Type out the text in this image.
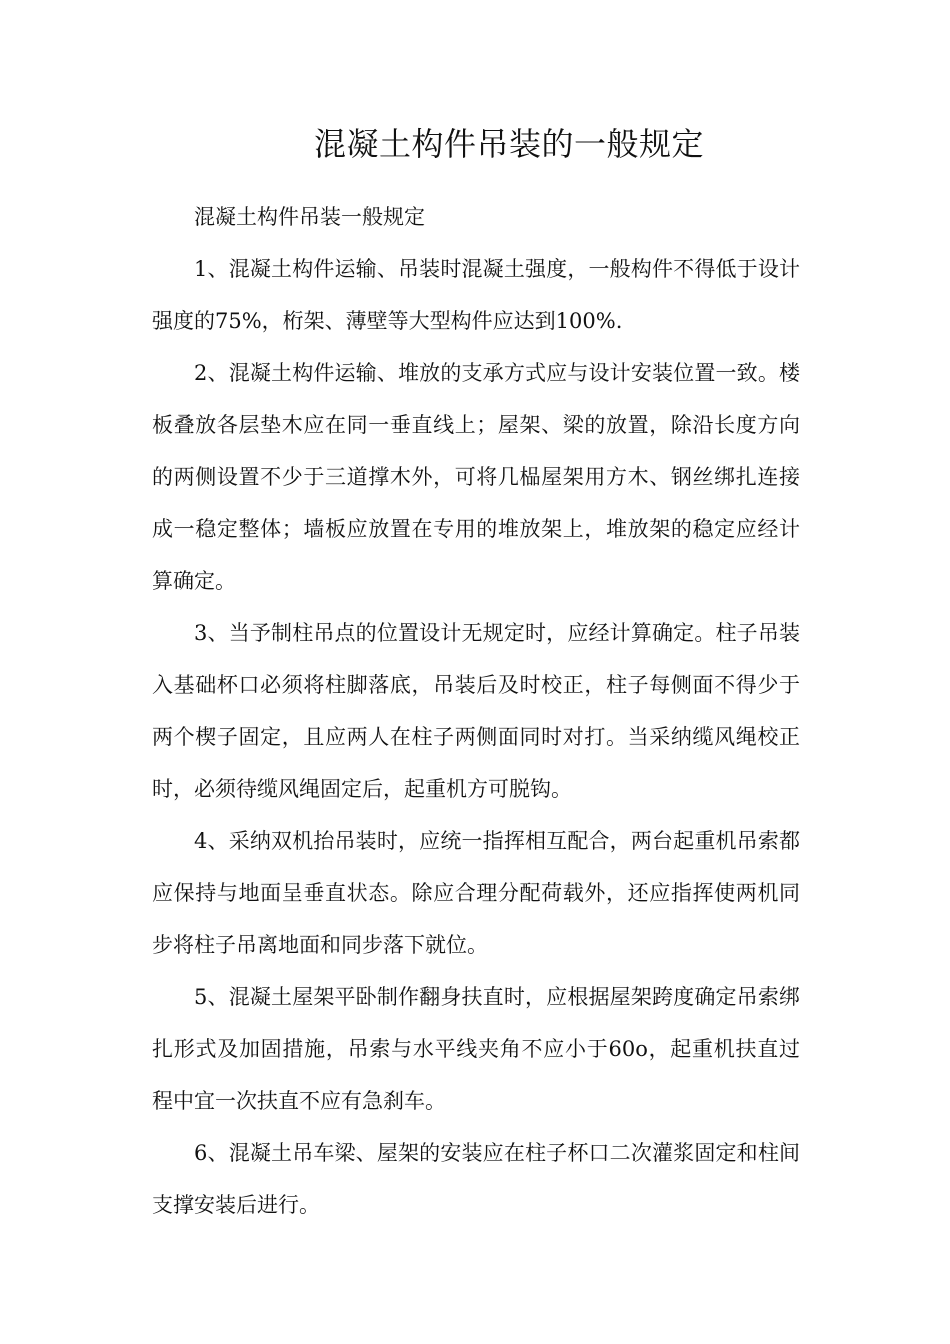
混凝土构件吊装的一般规定

混凝土构件吊装一般规定

1、混凝土构件运输、吊装时混凝土强度，一般构件不得低于设计强度的75%，桁架、薄壁等大型构件应达到100%.

2、混凝土构件运输、堆放的支承方式应与设计安装位置一致。楼板叠放各层垫木应在同一垂直线上；屋架、梁的放置，除沿长度方向的两侧设置不少于三道撑木外，可将几榀屋架用方木、钢丝绑扎连接成一稳定整体；墙板应放置在专用的堆放架上，堆放架的稳定应经计算确定。

3、当予制柱吊点的位置设计无规定时，应经计算确定。柱子吊装入基础杯口必须将柱脚落底，吊装后及时校正，柱子每侧面不得少于两个楔子固定，且应两人在柱子两侧面同时对打。当采纳缆风绳校正时，必须待缆风绳固定后，起重机方可脱钩。

4、采纳双机抬吊装时，应统一指挥相互配合，两台起重机吊索都应保持与地面呈垂直状态。除应合理分配荷载外，还应指挥使两机同步将柱子吊离地面和同步落下就位。

5、混凝土屋架平卧制作翻身扶直时，应根据屋架跨度确定吊索绑扎形式及加固措施，吊索与水平线夹角不应小于60o，起重机扶直过程中宜一次扶直不应有急刹车。

6、混凝土吊车梁、屋架的安装应在柱子杯口二次灌浆固定和柱间支撑安装后进行。
